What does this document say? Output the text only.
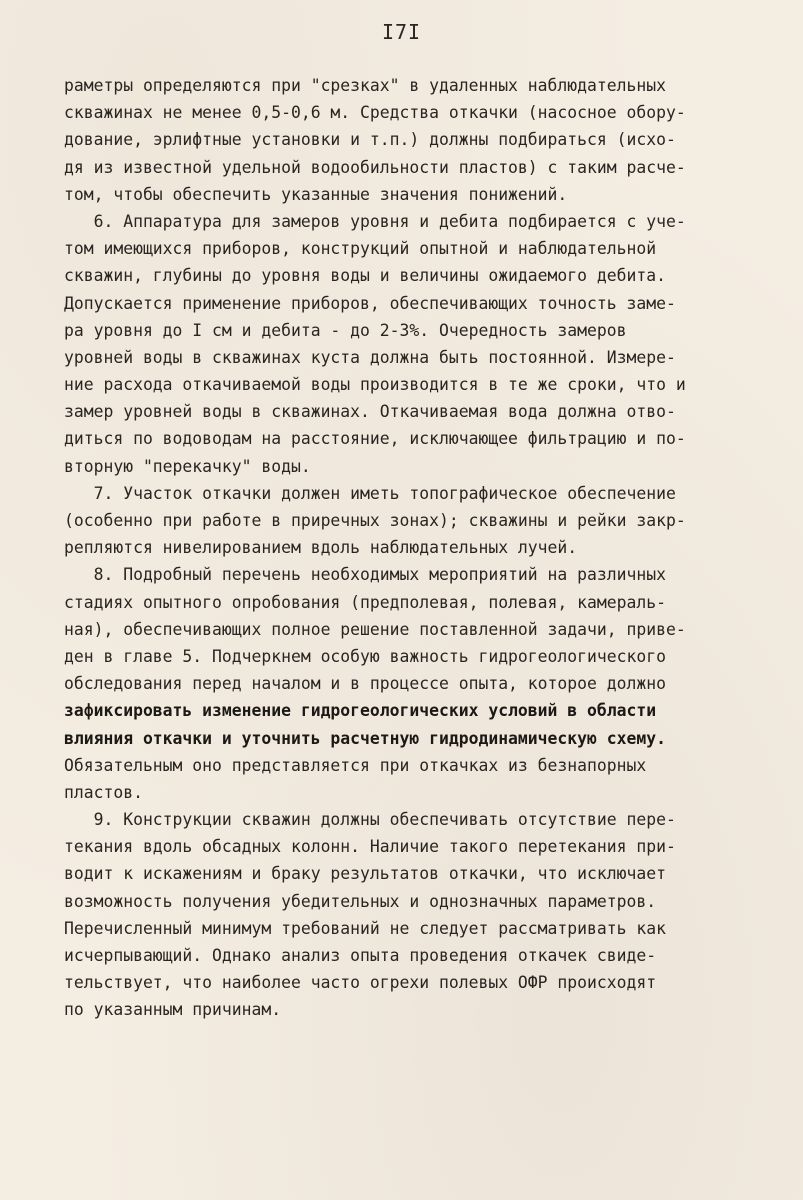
I7I
раметры определяются при "срезках" в удаленных наблюдательных
скважинах не менее 0,5-0,6 м. Средства откачки (насосное обору-
дование, эрлифтные установки и т.п.) должны подбираться (исхо-
дя из известной удельной водообильности пластов) с таким расче-
том, чтобы обеспечить указанные значения понижений.
6. Аппаратура для замеров уровня и дебита подбирается с уче-
том имеющихся приборов, конструкций опытной и наблюдательной
скважин, глубины до уровня воды и величины ожидаемого дебита.
Допускается применение приборов, обеспечивающих точность заме-
ра уровня до I см и дебита - до 2-3%. Очередность замеров
уровней воды в скважинах куста должна быть постоянной. Измере-
ние расхода откачиваемой воды производится в те же сроки, что и
замер уровней воды в скважинах. Откачиваемая вода должна отво-
диться по водоводам на расстояние, исключающее фильтрацию и по-
вторную "перекачку" воды.
7. Участок откачки должен иметь топографическое обеспечение
(особенно при работе в приречных зонах); скважины и рейки закр-
репляются нивелированием вдоль наблюдательных лучей.
8. Подробный перечень необходимых мероприятий на различных
стадиях опытного опробования (предполевая, полевая, камераль-
ная), обеспечивающих полное решение поставленной задачи, приве-
ден в главе 5. Подчеркнем особую важность гидрогеологического
обследования перед началом и в процессе опыта, которое должно
зафиксировать изменение гидрогеологических условий в области
влияния откачки и уточнить расчетную гидродинамическую схему.
Обязательным оно представляется при откачках из безнапорных
пластов.
9. Конструкции скважин должны обеспечивать отсутствие пере-
текания вдоль обсадных колонн. Наличие такого перетекания при-
водит к искажениям и браку результатов откачки, что исключает
возможность получения убедительных и однозначных параметров.
Перечисленный минимум требований не следует рассматривать как
исчерпывающий. Однако анализ опыта проведения откачек свиде-
тельствует, что наиболее часто огрехи полевых ОФР происходят
по указанным причинам.
